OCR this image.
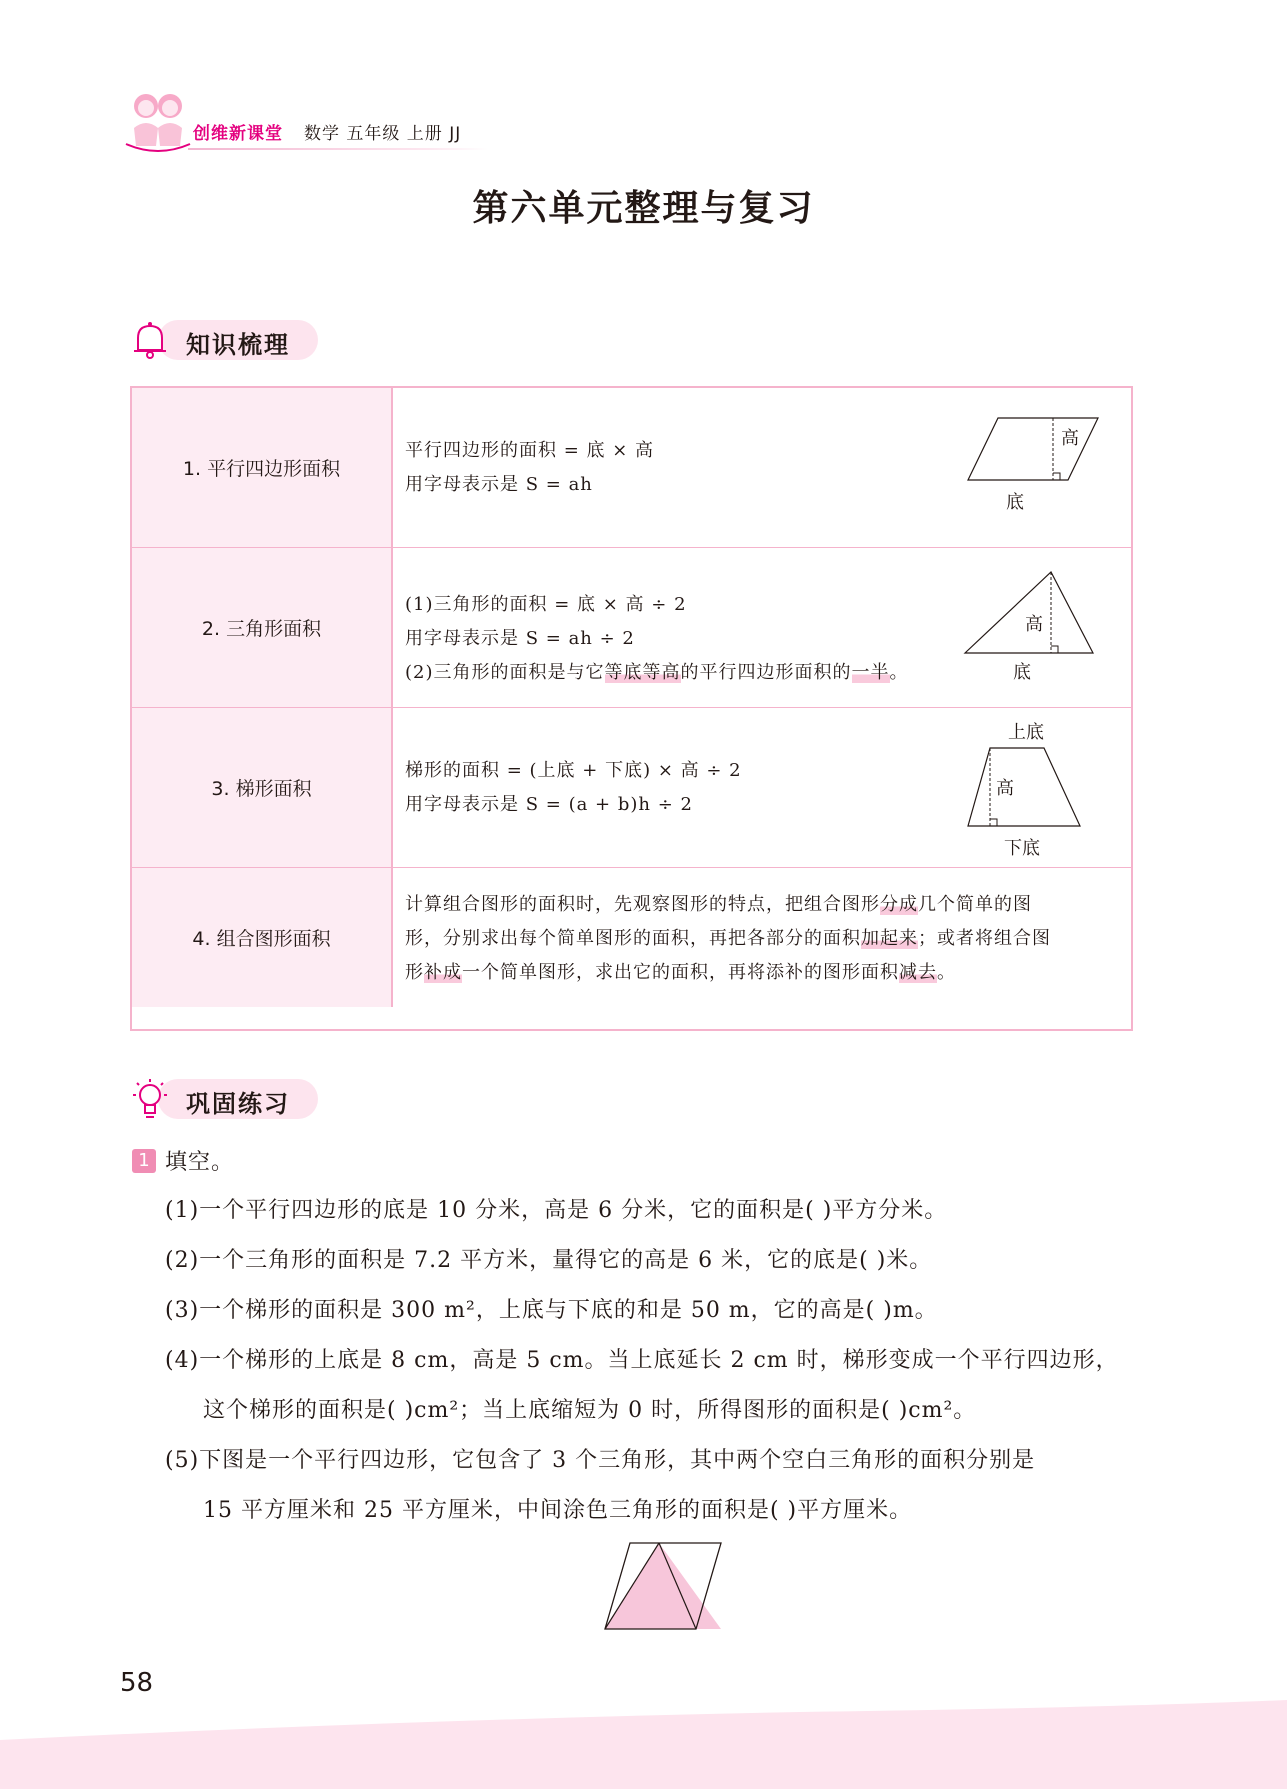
创维新课堂 数学 五年级 上册 JJ
第六单元整理与复习
知识梳理
1. 平行四边形面积
平行四边形的面积 = 底 × 高
用字母表示是 S = ah
高
底
2. 三角形面积
(1)三角形的面积 = 底 × 高 ÷ 2
用字母表示是 S = ah ÷ 2
(2)三角形的面积是与它等底等高的平行四边形面积的一半。
高
底
3. 梯形面积
梯形的面积 = (上底 + 下底) × 高 ÷ 2
用字母表示是 S = (a + b)h ÷ 2
上底
高
下底
4. 组合图形面积
计算组合图形的面积时，先观察图形的特点，把组合图形分成几个简单的图
形，分别求出每个简单图形的面积，再把各部分的面积加起来；或者将组合图
形补成一个简单图形，求出它的面积，再将添补的图形面积减去。
巩固练习
1 填空。
(1)一个平行四边形的底是 10 分米，高是 6 分米，它的面积是( )平方分米。
(2)一个三角形的面积是 7.2 平方米，量得它的高是 6 米，它的底是( )米。
(3)一个梯形的面积是 300 m²，上底与下底的和是 50 m，它的高是( )m。
(4)一个梯形的上底是 8 cm，高是 5 cm。当上底延长 2 cm 时，梯形变成一个平行四边形，
这个梯形的面积是( )cm²；当上底缩短为 0 时，所得图形的面积是( )cm²。
(5)下图是一个平行四边形，它包含了 3 个三角形，其中两个空白三角形的面积分别是
15 平方厘米和 25 平方厘米，中间涂色三角形的面积是( )平方厘米。
58
